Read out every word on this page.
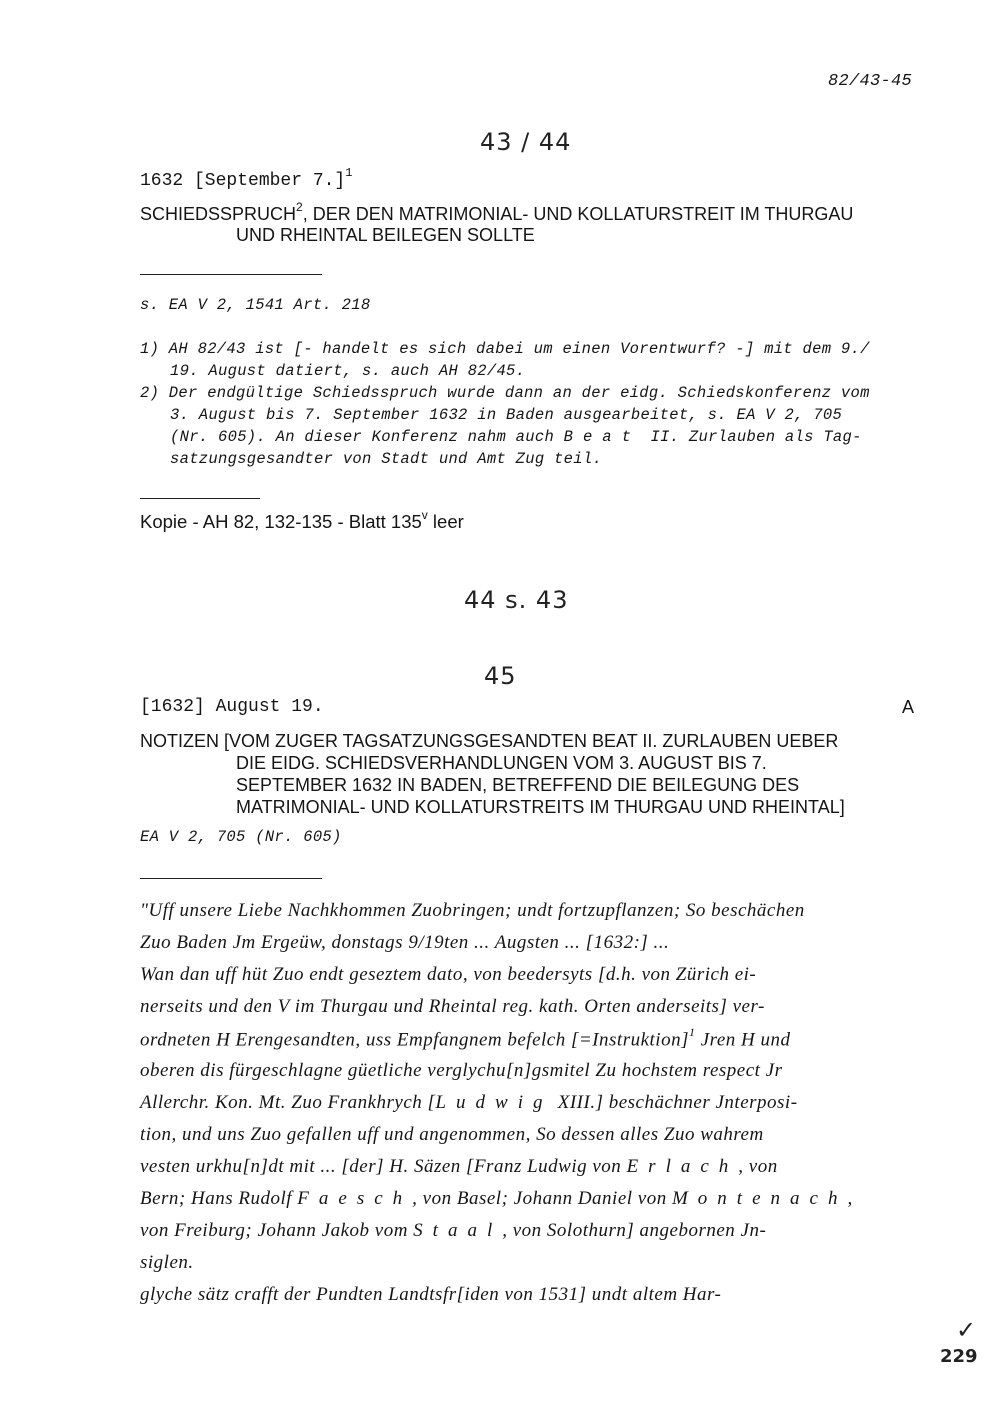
82/43-45
43 / 44
1632 [September 7.]$^1$
SCHIEDSSPRUCH$^2$, DER DEN MATRIMONIAL- UND KOLLATURSTREIT IM THURGAU
UND RHEINTAL BEILEGEN SOLLTE
s. EA V 2, 1541 Art. 218
1) AH 82/43 ist [- handelt es sich dabei um einen Vorentwurf? -] mit dem 9./
19. August datiert, s. auch AH 82/45.
2) Der endgültige Schiedsspruch wurde dann an der eidg. Schiedskonferenz vom
3. August bis 7. September 1632 in Baden ausgearbeitet, s. EA V 2, 705
(Nr. 605). An dieser Konferenz nahm auch Beat II. Zurlauben als Tag-
satzungsgesandter von Stadt und Amt Zug teil.
Kopie - AH 82, 132-135 - Blatt 135$^v$ leer
44 s. 43
45
[1632] August 19.	A
NOTIZEN [VOM ZUGER TAGSATZUNGSGESANDTEN BEAT II. ZURLAUBEN UEBER
DIE EIDG. SCHIEDSVERHANDLUNGEN VOM 3. AUGUST BIS 7.
SEPTEMBER 1632 IN BADEN, BETREFFEND DIE BEILEGUNG DES
MATRIMONIAL- UND KOLLATURSTREITS IM THURGAU UND RHEINTAL]
EA V 2, 705 (Nr. 605)
"Uff unsere Liebe Nachkhommen Zuobringen; undt fortzupflanzen; So beschächen
Zuo Baden Jm Ergeüw, donstags 9/19ten ... Augsten ... [1632:] ...
Wan dan uff hüt Zuo endt geseztem dato, von beedersyts [d.h. von Zürich ei-
nerseits und den V im Thurgau und Rheintal reg. kath. Orten anderseits] ver-
ordneten H Erengesandten, uss Empfangnem befelch [=Instruktion]$^1$ Jren H und
oberen dis fürgeschlagne güetliche verglychu[n]gsmitel Zu hochstem respect Jr
Allerchr. Kon. Mt. Zuo Frankhrych [Ludwig XIII.] beschächner Jnterposi-
tion, und uns Zuo gefallen uff und angenommen, So dessen alles Zuo wahrem
vesten urkhu[n]dt mit ... [der] H. Säzen [Franz Ludwig von Erlach, von
Bern; Hans Rudolf Faesch, von Basel; Johann Daniel von Montenach,
von Freiburg; Johann Jakob vom Staal, von Solothurn] angebornen Jn-
siglen.
glyche sätz crafft der Pundten Landtsfr[iden von 1531] undt altem Har-
✓
229
